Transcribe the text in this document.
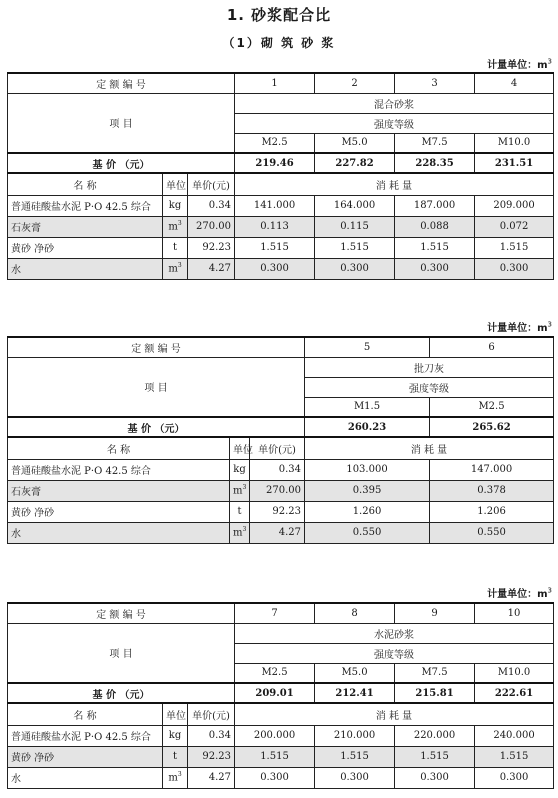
1. 砂浆配合比
（1）砌 筑 砂 浆
计量单位：$m^3$
定 额 编 号			1	2	3	4
项 目			混合砂浆			
			强度等级			
			M2.5	M5.0	M7.5	M10.0
基 价 （元）			219.46	227.82	228.35	231.51
名 称	单位	单价(元)	消 耗 量			
普通硅酸盐水泥 P·O 42.5 综合	kg	0.34	141.000	164.000	187.000	209.000
石灰膏	$m^3$	270.00	0.113	0.115	0.088	0.072
黄砂 净砂	t	92.23	1.515	1.515	1.515	1.515
水	$m^3$	4.27	0.300	0.300	0.300	0.300
计量单位：$m^3$
定 额 编 号			5	6
项 目			批刀灰	
			强度等级	
			M1.5	M2.5
基 价 （元）			260.23	265.62
名 称	单位	单价(元)	消 耗 量	
普通硅酸盐水泥 P·O 42.5 综合	kg	0.34	103.000	147.000
石灰膏	$m^3$	270.00	0.395	0.378
黄砂 净砂	t	92.23	1.260	1.206
水	$m^3$	4.27	0.550	0.550
计量单位：$m^3$
定 额 编 号			7	8	9	10
项 目			水泥砂浆			
			强度等级			
			M2.5	M5.0	M7.5	M10.0
基 价 （元）			209.01	212.41	215.81	222.61
名 称	单位	单价(元)	消 耗 量			
普通硅酸盐水泥 P·O 42.5 综合	kg	0.34	200.000	210.000	220.000	240.000
黄砂 净砂	t	92.23	1.515	1.515	1.515	1.515
水	$m^3$	4.27	0.300	0.300	0.300	0.300
